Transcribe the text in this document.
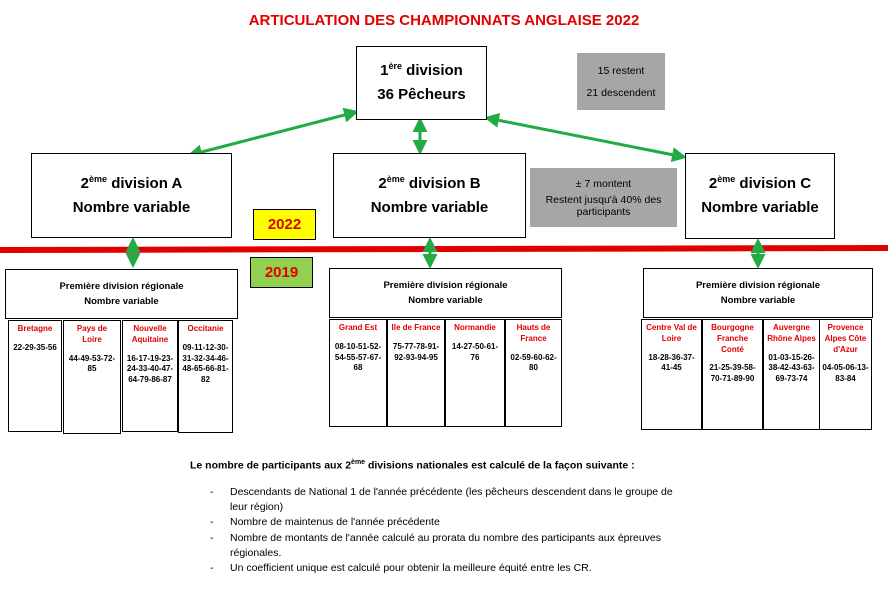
ARTICULATION DES CHAMPIONNATS ANGLAISE 2022
1ère division
36 Pêcheurs
15 restent
21 descendent
2ème division A
Nombre variable
2ème division B
Nombre variable
± 7 montent
Restent jusqu'à 40% des participants
2ème division C
Nombre variable
2022
2019
Première division régionale
Nombre variable
Bretagne
22-29-35-56
Pays de Loire
44-49-53-72-85
Nouvelle Aquitaine
16-17-19-23-24-33-40-47-64-79-86-87
Occitanie
09-11-12-30-31-32-34-46-48-65-66-81-82
Première division régionale
Nombre variable
Grand Est
08-10-51-52-54-55-57-67-68
Ile de France
75-77-78-91-92-93-94-95
Normandie
14-27-50-61-76
Hauts de France
02-59-60-62-80
Première division régionale
Nombre variable
Centre Val de Loire
18-28-36-37-41-45
Bourgogne Franche Conté
21-25-39-58-70-71-89-90
Auvergne Rhône Alpes
01-03-15-26-38-42-43-63-69-73-74
Provence Alpes Côte d'Azur
04-05-06-13-83-84
Le nombre de participants aux 2ème divisions nationales est calculé de la façon suivante :
- Descendants de National 1 de l'année précédente (les pêcheurs descendent dans le groupe de leur région)
- Nombre de maintenus de l'année précédente
- Nombre de montants de l'année calculé au prorata du nombre des participants aux épreuves régionales.
- Un coefficient unique est calculé pour obtenir la meilleure équité entre les CR.
